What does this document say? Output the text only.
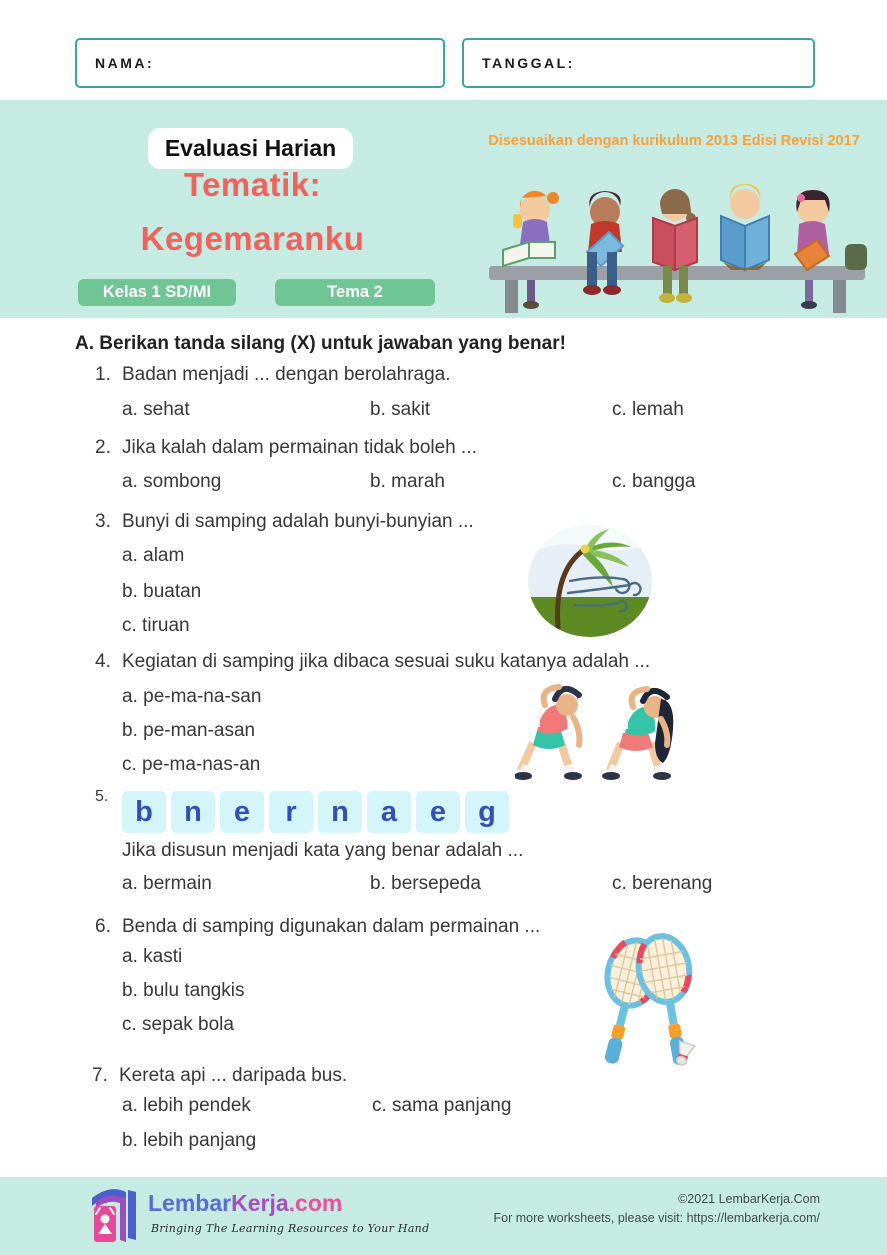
NAMA:	TANGGAL:
Evaluasi Harian	Disesuaikan dengan kurikulum 2013 Edisi Revisi 2017
Tematik:
Kegemaranku
Kelas 1 SD/MI	Tema 2
A. Berikan tanda silang (X) untuk jawaban yang benar!
1. Badan menjadi ... dengan berolahraga.
a. sehat	b. sakit	c. lemah
2. Jika kalah dalam permainan tidak boleh ...
a. sombong	b. marah	c. bangga
3. Bunyi di samping adalah bunyi-bunyian ...
a. alam
b. buatan
c. tiruan
4. Kegiatan di samping jika dibaca sesuai suku katanya adalah ...
a. pe-ma-na-san
b. pe-man-asan
c. pe-ma-nas-an
5. b	n	e	r	n	a	e	g
Jika disusun menjadi kata yang benar adalah ...
a. bermain	b. bersepeda	c. berenang
6. Benda di samping digunakan dalam permainan ...
a. kasti
b. bulu tangkis
c. sepak bola
7. Kereta api ... daripada bus.
a. lebih pendek	c. sama panjang
b. lebih panjang
LembarKerja.com
Bringing The Learning Resources to Your Hand
©2021 LembarKerja.Com
For more worksheets, please visit: https://lembarkerja.com/
